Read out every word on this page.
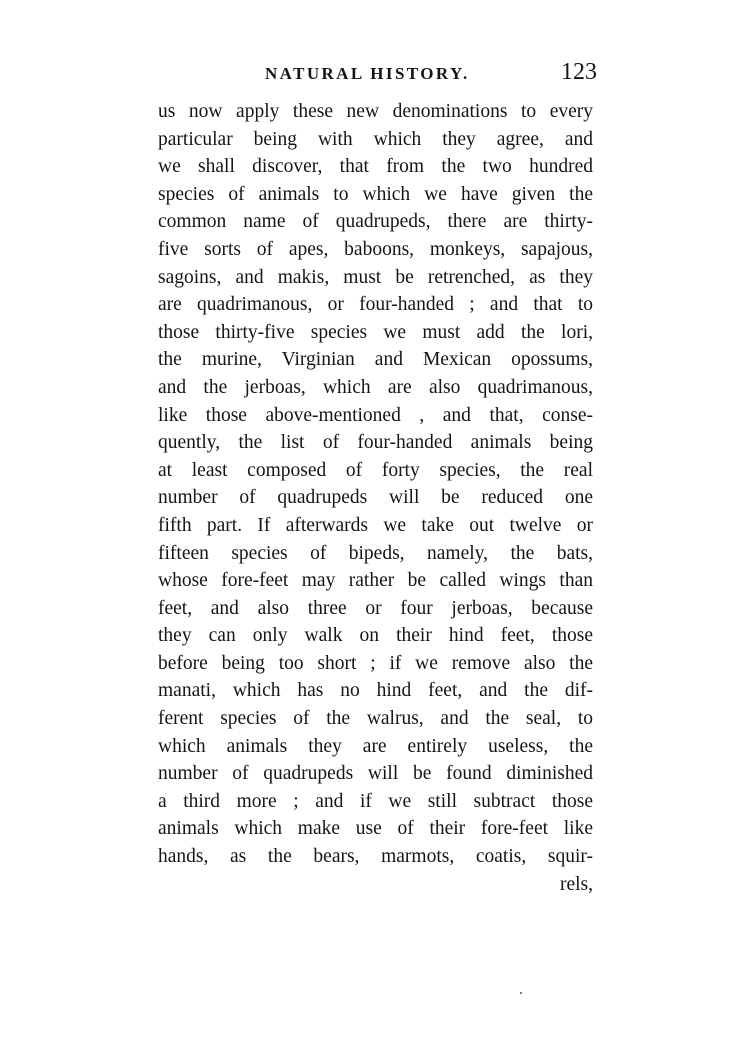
NATURAL HISTORY.	123
us now apply these new denominations to every
particular being with which they agree, and
we shall discover, that from the two hundred
species of animals to which we have given the
common name of quadrupeds, there are thirty-
five sorts of apes, baboons, monkeys, sapajous,
sagoins, and makis, must be retrenched, as they
are quadrimanous, or four-handed ; and that to
those thirty-five species we must add the lori,
the murine, Virginian and Mexican opossums,
and the jerboas, which are also quadrimanous,
like those above-mentioned , and that, conse-
quently, the list of four-handed animals being
at least composed of forty species, the real
number of quadrupeds will be reduced one
fifth part. If afterwards we take out twelve or
fifteen species of bipeds, namely, the bats,
whose fore-feet may rather be called wings than
feet, and also three or four jerboas, because
they can only walk on their hind feet, those
before being too short ; if we remove also the
manati, which has no hind feet, and the dif-
ferent species of the walrus, and the seal, to
which animals they are entirely useless, the
number of quadrupeds will be found diminished
a third more ; and if we still subtract those
animals which make use of their fore-feet like
hands, as the bears, marmots, coatis, squir-
rels,
